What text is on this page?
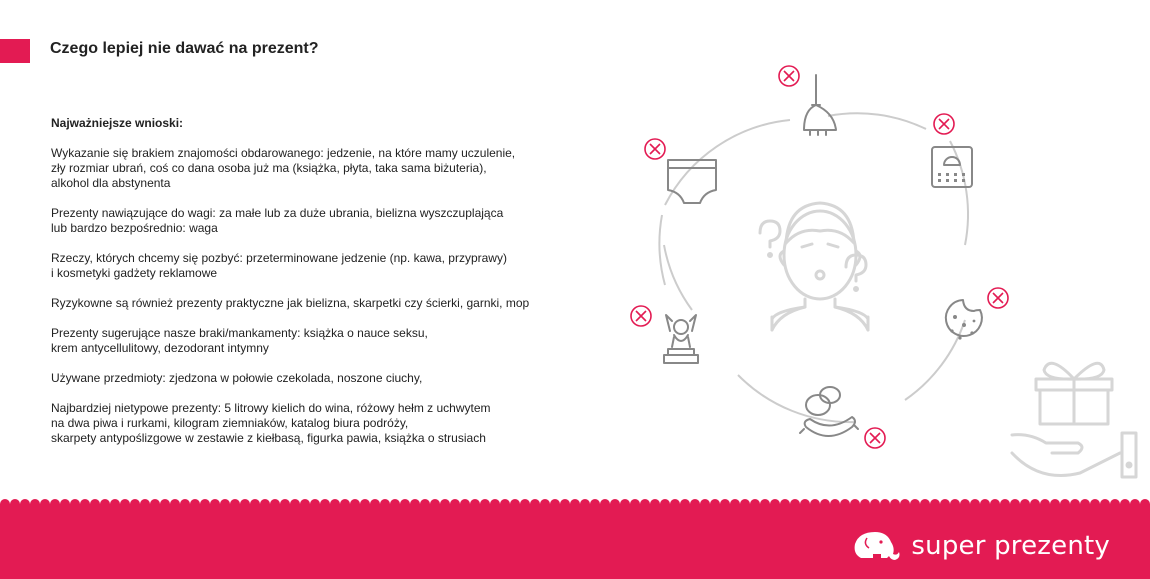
Czego lepiej nie dawać na prezent?
Najważniejsze wnioski:
Wykazanie się brakiem znajomości obdarowanego: jedzenie, na które mamy uczulenie,
zły rozmiar ubrań, coś co dana osoba już ma (książka, płyta, taka sama biżuteria),
alkohol dla abstynenta
Prezenty nawiązujące do wagi: za małe lub za duże ubrania, bielizna wyszczuplająca
lub bardzo bezpośrednio: waga
Rzeczy, których chcemy się pozbyć: przeterminowane jedzenie (np. kawa, przyprawy)
i kosmetyki gadżety reklamowe
Ryzykowne są również prezenty praktyczne jak bielizna, skarpetki czy ścierki, garnki, mop
Prezenty sugerujące nasze braki/mankamenty: książka o nauce seksu,
krem antycellulitowy, dezodorant intymny
Używane przedmioty: zjedzona w połowie czekolada, noszone ciuchy,
Najbardziej nietypowe prezenty: 5 litrowy kielich do wina, różowy hełm z uchwytem
na dwa piwa i rurkami, kilogram ziemniaków, katalog biura podróży,
skarpety antypoślizgowe w zestawie z kiełbasą, figurka pawia, książka o strusiach
super prezenty
